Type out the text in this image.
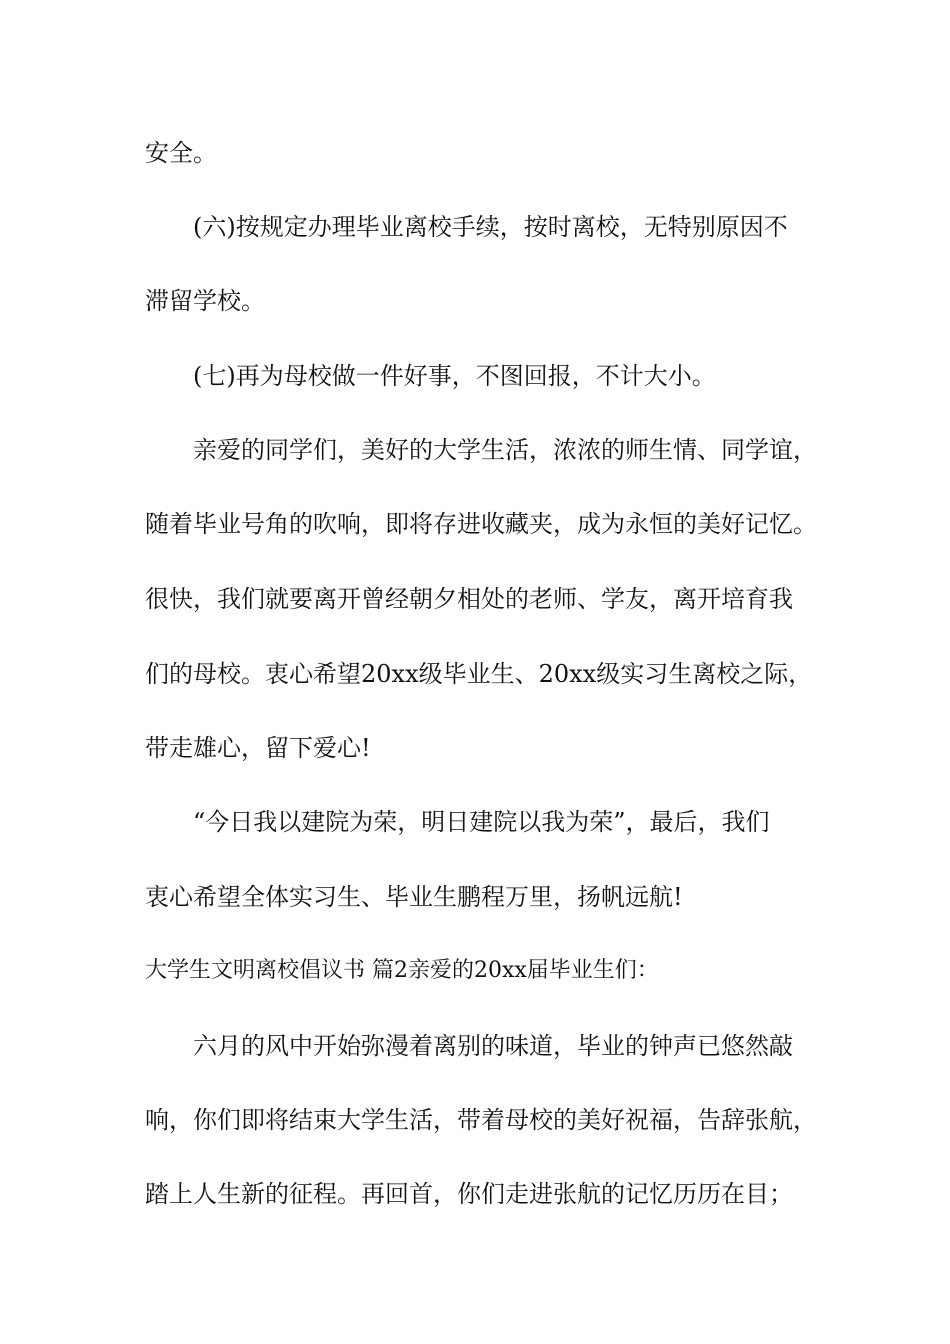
安全。
(六)按规定办理毕业离校手续，按时离校，无特别原因不
滞留学校。
(七)再为母校做一件好事，不图回报，不计大小。
亲爱的同学们，美好的大学生活，浓浓的师生情、同学谊，
随着毕业号角的吹响，即将存进收藏夹，成为永恒的美好记忆。
很快，我们就要离开曾经朝夕相处的老师、学友，离开培育我
们的母校。衷心希望20xx级毕业生、20xx级实习生离校之际，
带走雄心，留下爱心!
“今日我以建院为荣，明日建院以我为荣”，最后，我们
衷心希望全体实习生、毕业生鹏程万里，扬帆远航!
大学生文明离校倡议书 篇2亲爱的20xx届毕业生们：
六月的风中开始弥漫着离别的味道，毕业的钟声已悠然敲
响，你们即将结束大学生活，带着母校的美好祝福，告辞张航，
踏上人生新的征程。再回首，你们走进张航的记忆历历在目；
